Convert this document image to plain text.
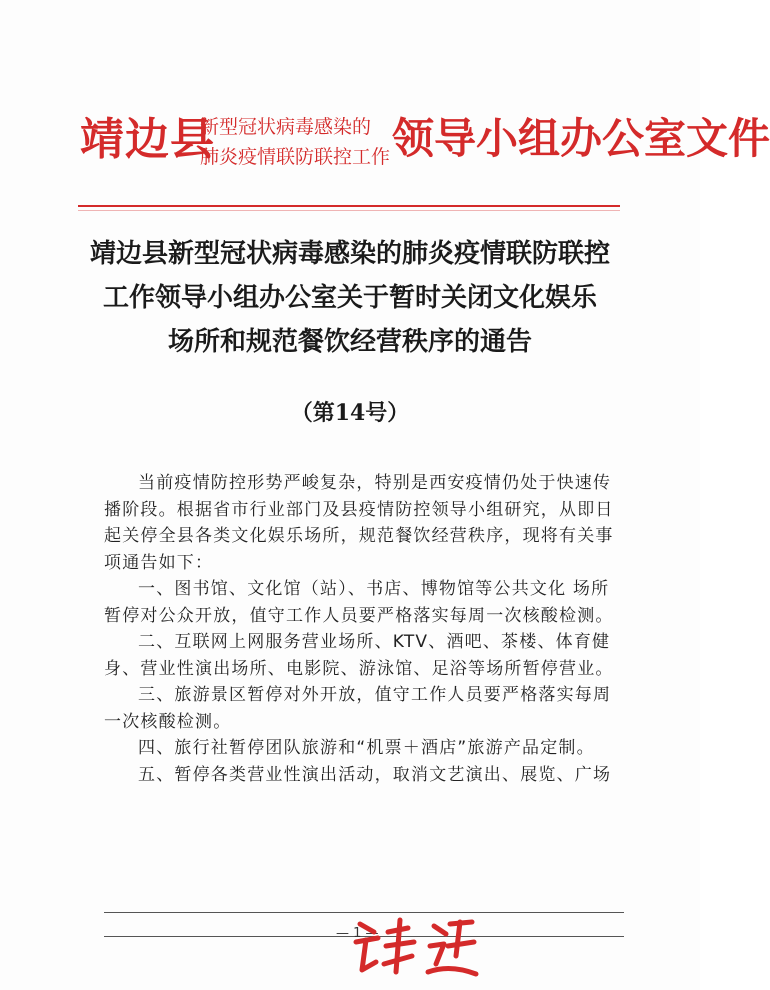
靖边县
新型冠状病毒感染的
肺炎疫情联防联控工作 领导小组办公室文件
靖边县新型冠状病毒感染的肺炎疫情联防联控
工作领导小组办公室关于暂时关闭文化娱乐
场所和规范餐饮经营秩序的通告
（第14号）

当前疫情防控形势严峻复杂，特别是西安疫情仍处于快速传播阶段。根据省市行业部门及县疫情防控领导小组研究，从即日起关停全县各类文化娱乐场所，规范餐饮经营秩序，现将有关事项通告如下：

一、图书馆、文化馆（站）、书店、博物馆等公共文化 场所暂停对公众开放，值守工作人员要严格落实每周一次核酸检测。

二、互联网上网服务营业场所、KTV、酒吧、茶楼、体育健身、营业性演出场所、电影院、游泳馆、足浴等场所暂停营业。

三、旅游景区暂停对外开放，值守工作人员要严格落实每周一次核酸检测。

四、旅行社暂停团队旅游和“机票＋酒店”旅游产品定制。

五、暂停各类营业性演出活动，取消文艺演出、展览、广场

— 1 —
